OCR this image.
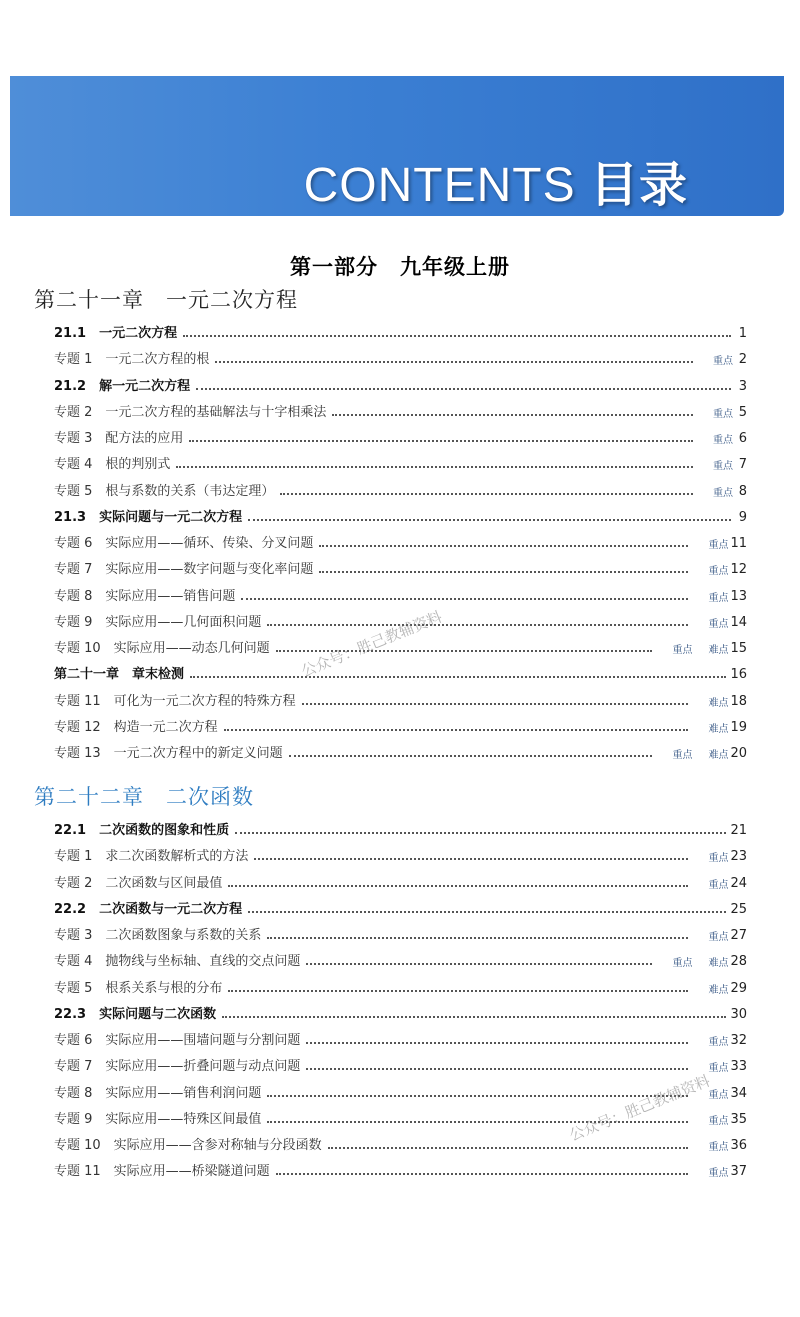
CONTENTS 目录
第一部分　九年级上册
第二十一章　一元二次方程
第二十二章　二次函数
21.1　一元二次方程	1
专题 1　一元二次方程的根	重点 2
21.2　解一元二次方程	3
专题 2　一元二次方程的基础解法与十字相乘法	重点 5
专题 3　配方法的应用	重点 6
专题 4　根的判别式	重点 7
专题 5　根与系数的关系（韦达定理）	重点 8
21.3　实际问题与一元二次方程	9
专题 6　实际应用——循环、传染、分叉问题	重点 11
专题 7　实际应用——数字问题与变化率问题	重点 12
专题 8　实际应用——销售问题	重点 13
专题 9　实际应用——几何面积问题	重点 14
专题 10　实际应用——动态几何问题	重点 难点 15
第二十一章　章末检测	16
专题 11　可化为一元二次方程的特殊方程	难点 18
专题 12　构造一元二次方程	难点 19
专题 13　一元二次方程中的新定义问题	重点 难点 20
22.1　二次函数的图象和性质	21
专题 1　求二次函数解析式的方法	重点 23
专题 2　二次函数与区间最值	重点 24
22.2　二次函数与一元二次方程	25
专题 3　二次函数图象与系数的关系	重点 27
专题 4　抛物线与坐标轴、直线的交点问题	重点 难点 28
专题 5　根系关系与根的分布	难点 29
22.3　实际问题与二次函数	30
专题 6　实际应用——围墙问题与分割问题	重点 32
专题 7　实际应用——折叠问题与动点问题	重点 33
专题 8　实际应用——销售利润问题	重点 34
专题 9　实际应用——特殊区间最值	重点 35
专题 10　实际应用——含参对称轴与分段函数	重点 36
专题 11　实际应用——桥梁隧道问题	重点 37
公众号：胜己教辅资料
公众号：胜己教辅资料
